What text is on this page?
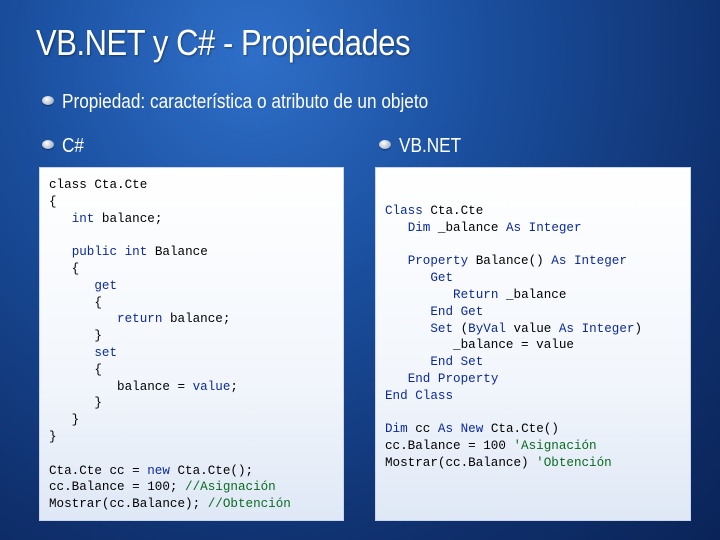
VB.NET y C# - Propiedades
Propiedad: característica o atributo de un objeto
C#	VB.NET
class Cta.Cte
{
int balance;

public int Balance
{
get
{
return balance;
}
set
{
balance = value;
}
}
}

Cta.Cte cc = new Cta.Cte();
cc.Balance = 100; //Asignación
Mostrar(cc.Balance); //Obtención
Class Cta.Cte
Dim _balance As Integer

Property Balance() As Integer
Get
Return _balance
End Get
Set (ByVal value As Integer)
_balance = value
End Set
End Property
End Class

Dim cc As New Cta.Cte()
cc.Balance = 100 'Asignación
Mostrar(cc.Balance) 'Obtención
